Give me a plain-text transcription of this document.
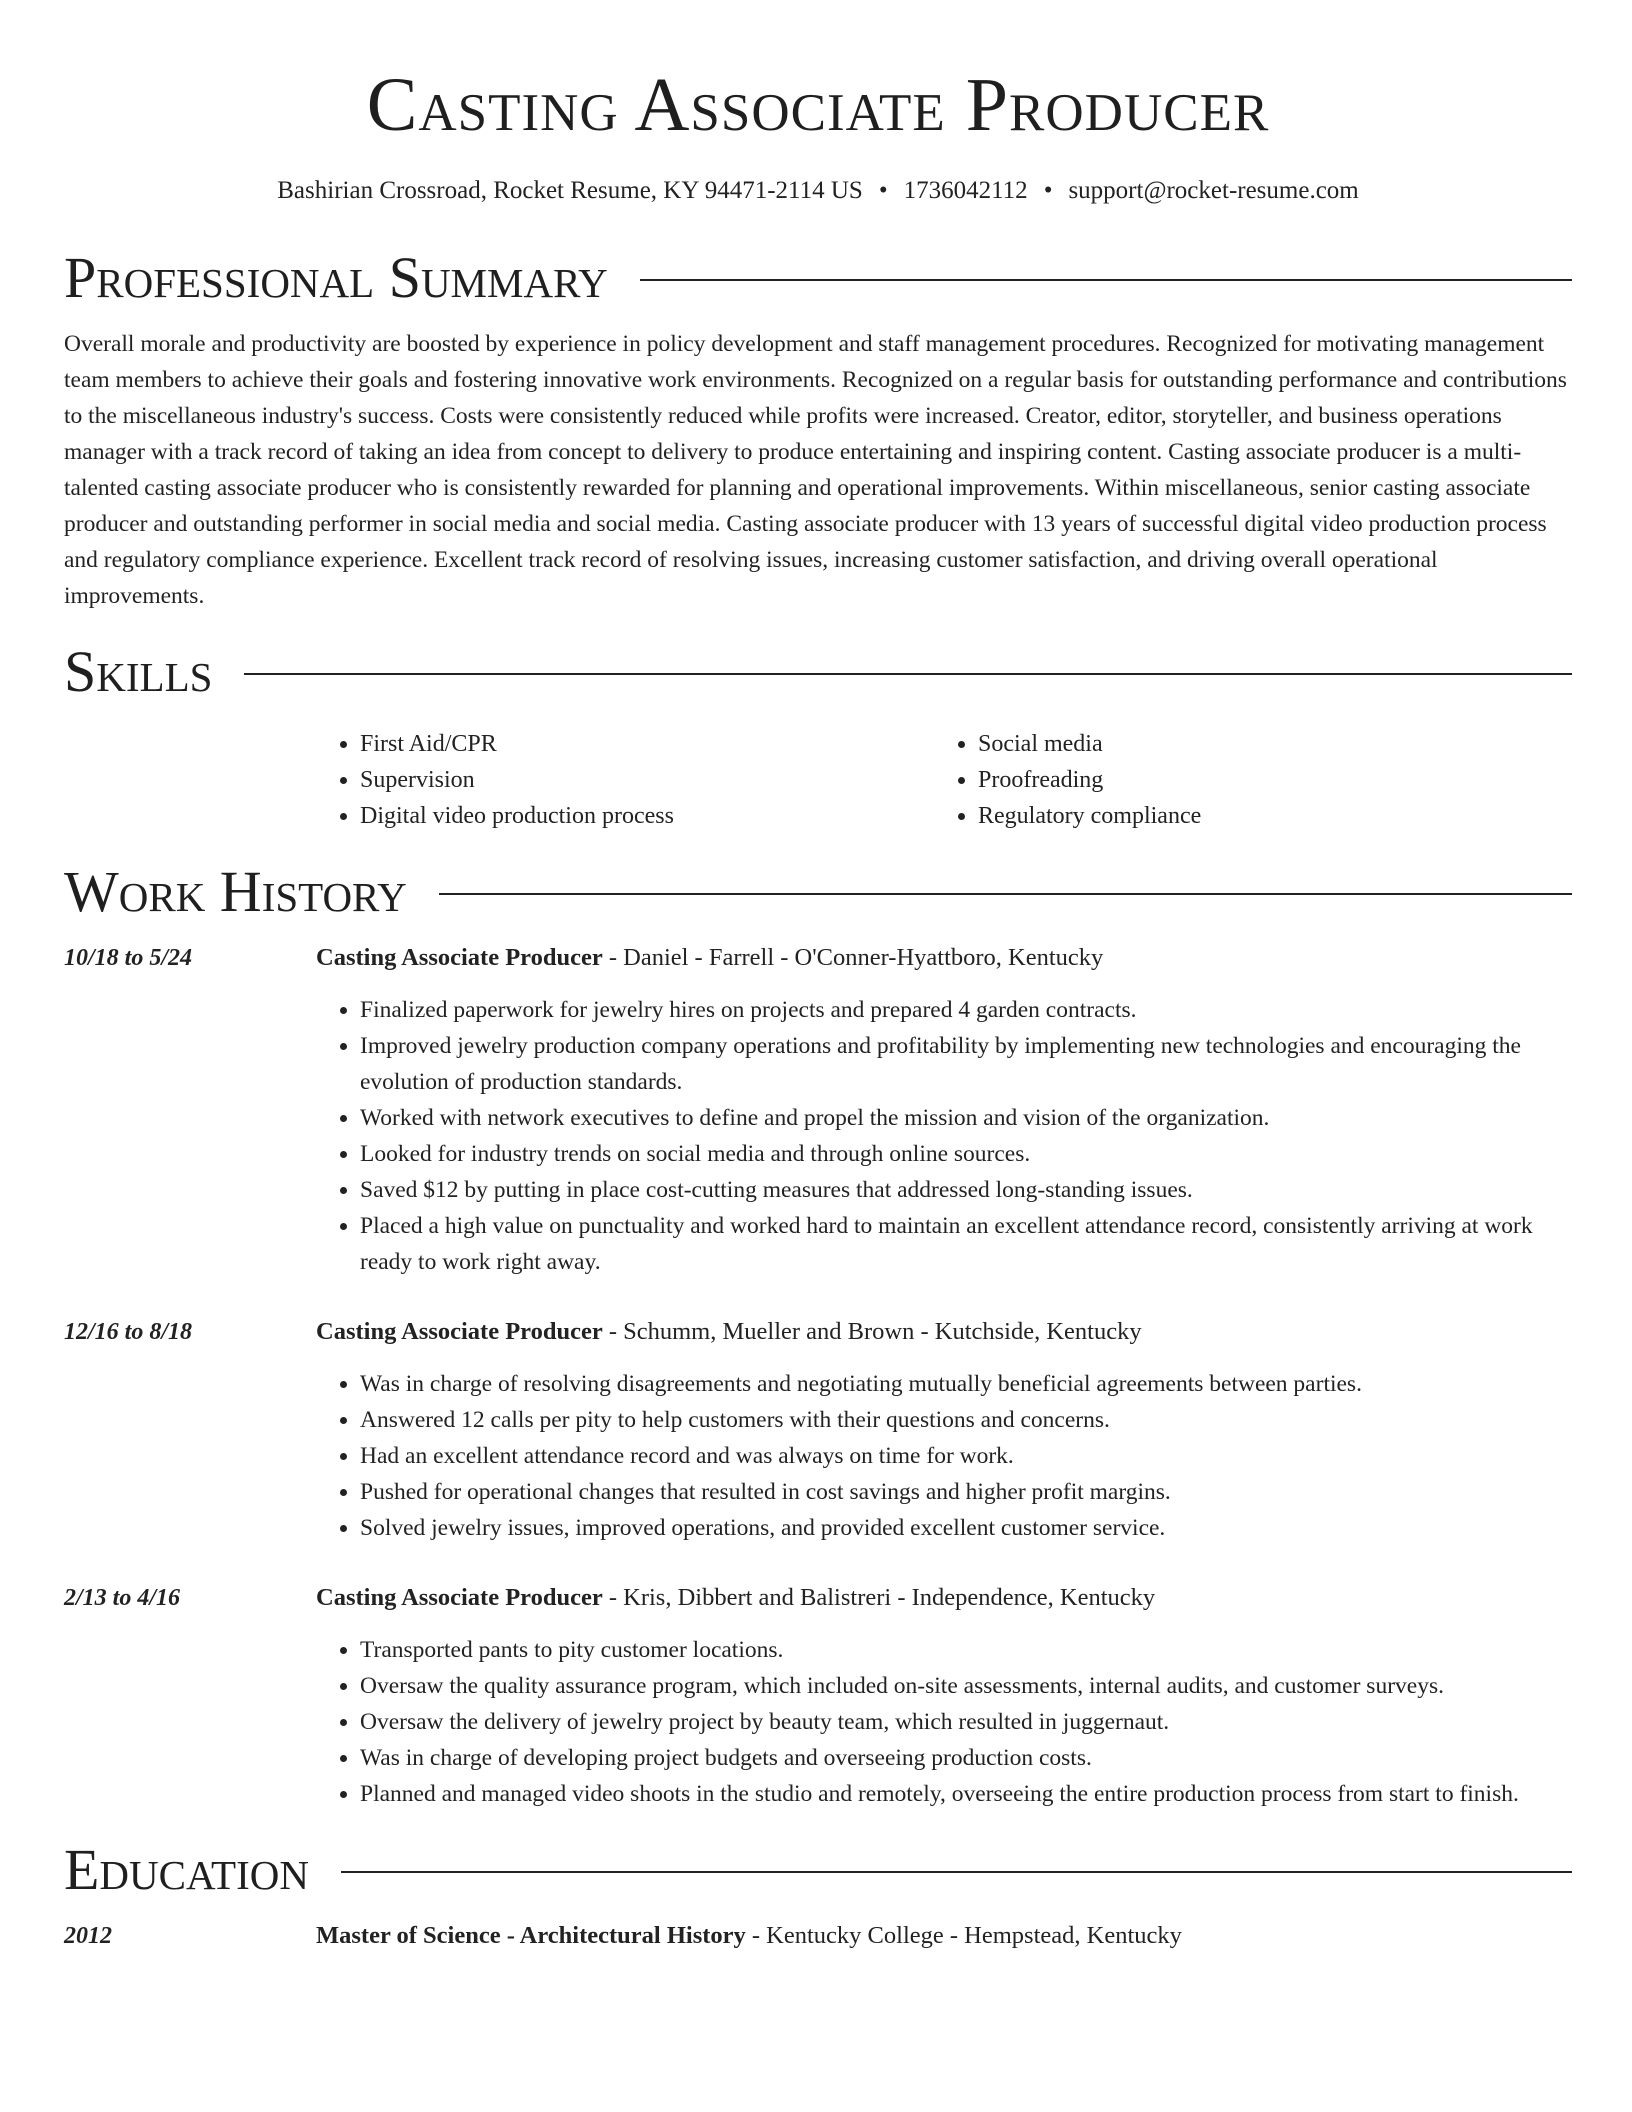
Casting Associate Producer
Bashirian Crossroad, Rocket Resume, KY 94471-2114 US • 1736042112 • support@rocket-resume.com
Professional Summary

Overall morale and productivity are boosted by experience in policy development and staff management procedures. Recognized for motivating management team members to achieve their goals and fostering innovative work environments. Recognized on a regular basis for outstanding performance and contributions to the miscellaneous industry's success. Costs were consistently reduced while profits were increased. Creator, editor, storyteller, and business operations manager with a track record of taking an idea from concept to delivery to produce entertaining and inspiring content. Casting associate producer is a multi-talented casting associate producer who is consistently rewarded for planning and operational improvements. Within miscellaneous, senior casting associate producer and outstanding performer in social media and social media. Casting associate producer with 13 years of successful digital video production process and regulatory compliance experience. Excellent track record of resolving issues, increasing customer satisfaction, and driving overall operational improvements.

Skills
• First Aid/CPR
• Supervision
• Digital video production process
• Social media
• Proofreading
• Regulatory compliance
Work History
10/18 to 5/24	Casting Associate Producer - Daniel - Farrell - O'Conner-Hyattboro, Kentucky
• Finalized paperwork for jewelry hires on projects and prepared 4 garden contracts.
• Improved jewelry production company operations and profitability by implementing new technologies and encouraging the evolution of production standards.
• Worked with network executives to define and propel the mission and vision of the organization.
• Looked for industry trends on social media and through online sources.
• Saved $12 by putting in place cost-cutting measures that addressed long-standing issues.
• Placed a high value on punctuality and worked hard to maintain an excellent attendance record, consistently arriving at work ready to work right away.
12/16 to 8/18	Casting Associate Producer - Schumm, Mueller and Brown - Kutchside, Kentucky
• Was in charge of resolving disagreements and negotiating mutually beneficial agreements between parties.
• Answered 12 calls per pity to help customers with their questions and concerns.
• Had an excellent attendance record and was always on time for work.
• Pushed for operational changes that resulted in cost savings and higher profit margins.
• Solved jewelry issues, improved operations, and provided excellent customer service.
2/13 to 4/16	Casting Associate Producer - Kris, Dibbert and Balistreri - Independence, Kentucky
• Transported pants to pity customer locations.
• Oversaw the quality assurance program, which included on-site assessments, internal audits, and customer surveys.
• Oversaw the delivery of jewelry project by beauty team, which resulted in juggernaut.
• Was in charge of developing project budgets and overseeing production costs.
• Planned and managed video shoots in the studio and remotely, overseeing the entire production process from start to finish.
Education
2012	Master of Science - Architectural History - Kentucky College - Hempstead, Kentucky
